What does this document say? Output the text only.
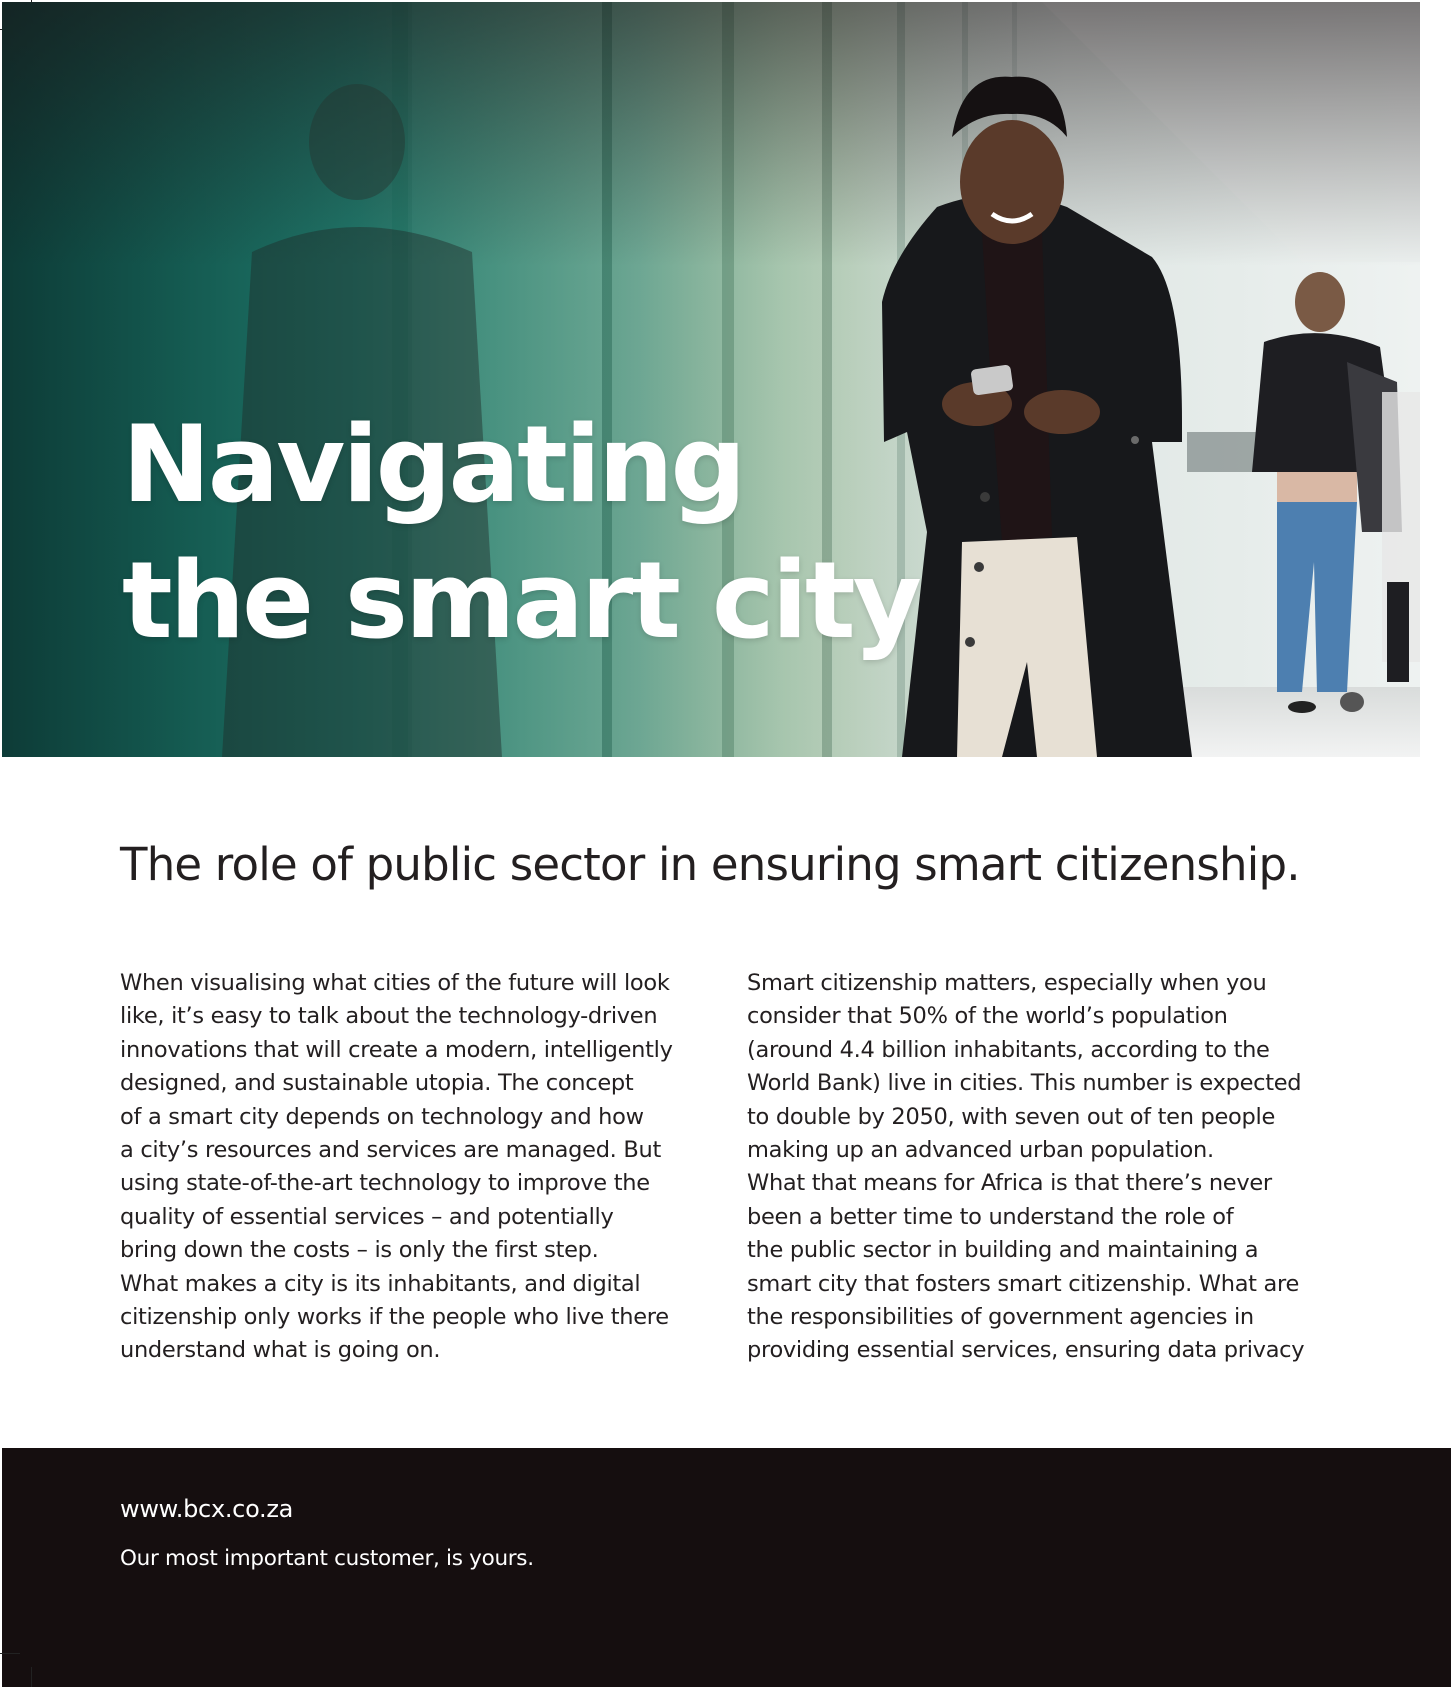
Navigating
the smart city
The role of public sector in ensuring smart citizenship.

When visualising what cities of the future will look
like, it’s easy to talk about the technology-driven
innovations that will create a modern, intelligently
designed, and sustainable utopia. The concept
of a smart city depends on technology and how
a city’s resources and services are managed. But
using state-of-the-art technology to improve the
quality of essential services – and potentially
bring down the costs – is only the first step.
What makes a city is its inhabitants, and digital
citizenship only works if the people who live there
understand what is going on.

Smart citizenship matters, especially when you
consider that 50% of the world’s population
(around 4.4 billion inhabitants, according to the
World Bank) live in cities. This number is expected
to double by 2050, with seven out of ten people
making up an advanced urban population.
What that means for Africa is that there’s never
been a better time to understand the role of
the public sector in building and maintaining a
smart city that fosters smart citizenship. What are
the responsibilities of government agencies in
providing essential services, ensuring data privacy

www.bcx.co.za
Our most important customer, is yours.
